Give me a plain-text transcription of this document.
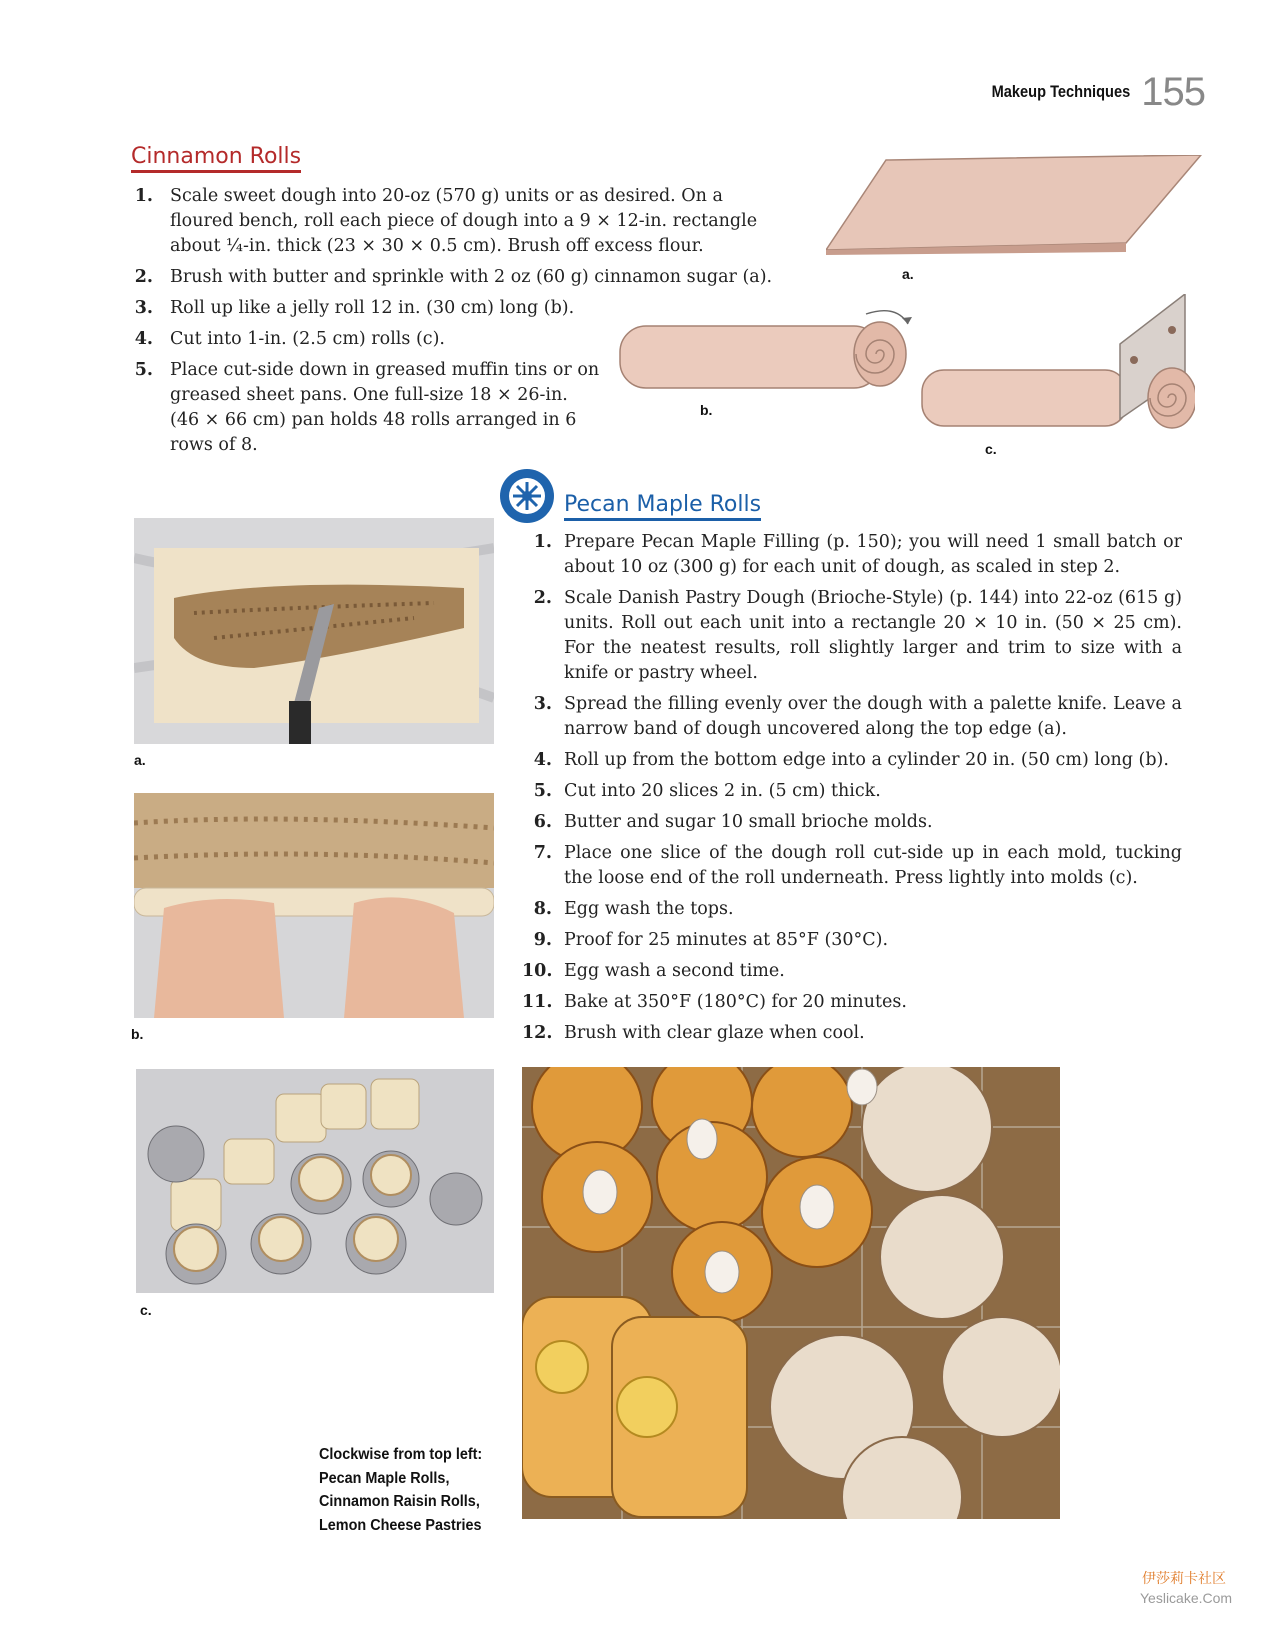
Makeup Techniques 155
Cinnamon Rolls
1. Scale sweet dough into 20-oz (570 g) units or as desired. On a floured bench, roll each piece of dough into a 9 × 12-in. rectangle about ¼-in. thick (23 × 30 × 0.5 cm). Brush off excess flour.
2. Brush with butter and sprinkle with 2 oz (60 g) cinnamon sugar (a).
3. Roll up like a jelly roll 12 in. (30 cm) long (b).
4. Cut into 1-in. (2.5 cm) rolls (c).
5. Place cut-side down in greased muffin tins or on greased sheet pans. One full-size 18 × 26-in. (46 × 66 cm) pan holds 48 rolls arranged in 6 rows of 8.
a.
b.
c.
Pecan Maple Rolls
1. Prepare Pecan Maple Filling (p. 150); you will need 1 small batch or about 10 oz (300 g) for each unit of dough, as scaled in step 2.
2. Scale Danish Pastry Dough (Brioche-Style) (p. 144) into 22-oz (615 g) units. Roll out each unit into a rectangle 20 × 10 in. (50 × 25 cm). For the neatest results, roll slightly larger and trim to size with a knife or pastry wheel.
3. Spread the filling evenly over the dough with a palette knife. Leave a narrow band of dough uncovered along the top edge (a).
4. Roll up from the bottom edge into a cylinder 20 in. (50 cm) long (b).
5. Cut into 20 slices 2 in. (5 cm) thick.
6. Butter and sugar 10 small brioche molds.
7. Place one slice of the dough roll cut-side up in each mold, tucking the loose end of the roll underneath. Press lightly into molds (c).
8. Egg wash the tops.
9. Proof for 25 minutes at 85°F (30°C).
10. Egg wash a second time.
11. Bake at 350°F (180°C) for 20 minutes.
12. Brush with clear glaze when cool.
a.
b.
c.
Clockwise from top left:
Pecan Maple Rolls,
Cinnamon Raisin Rolls,
Lemon Cheese Pastries
伊莎莉卡社区
Yeslicake.Com
